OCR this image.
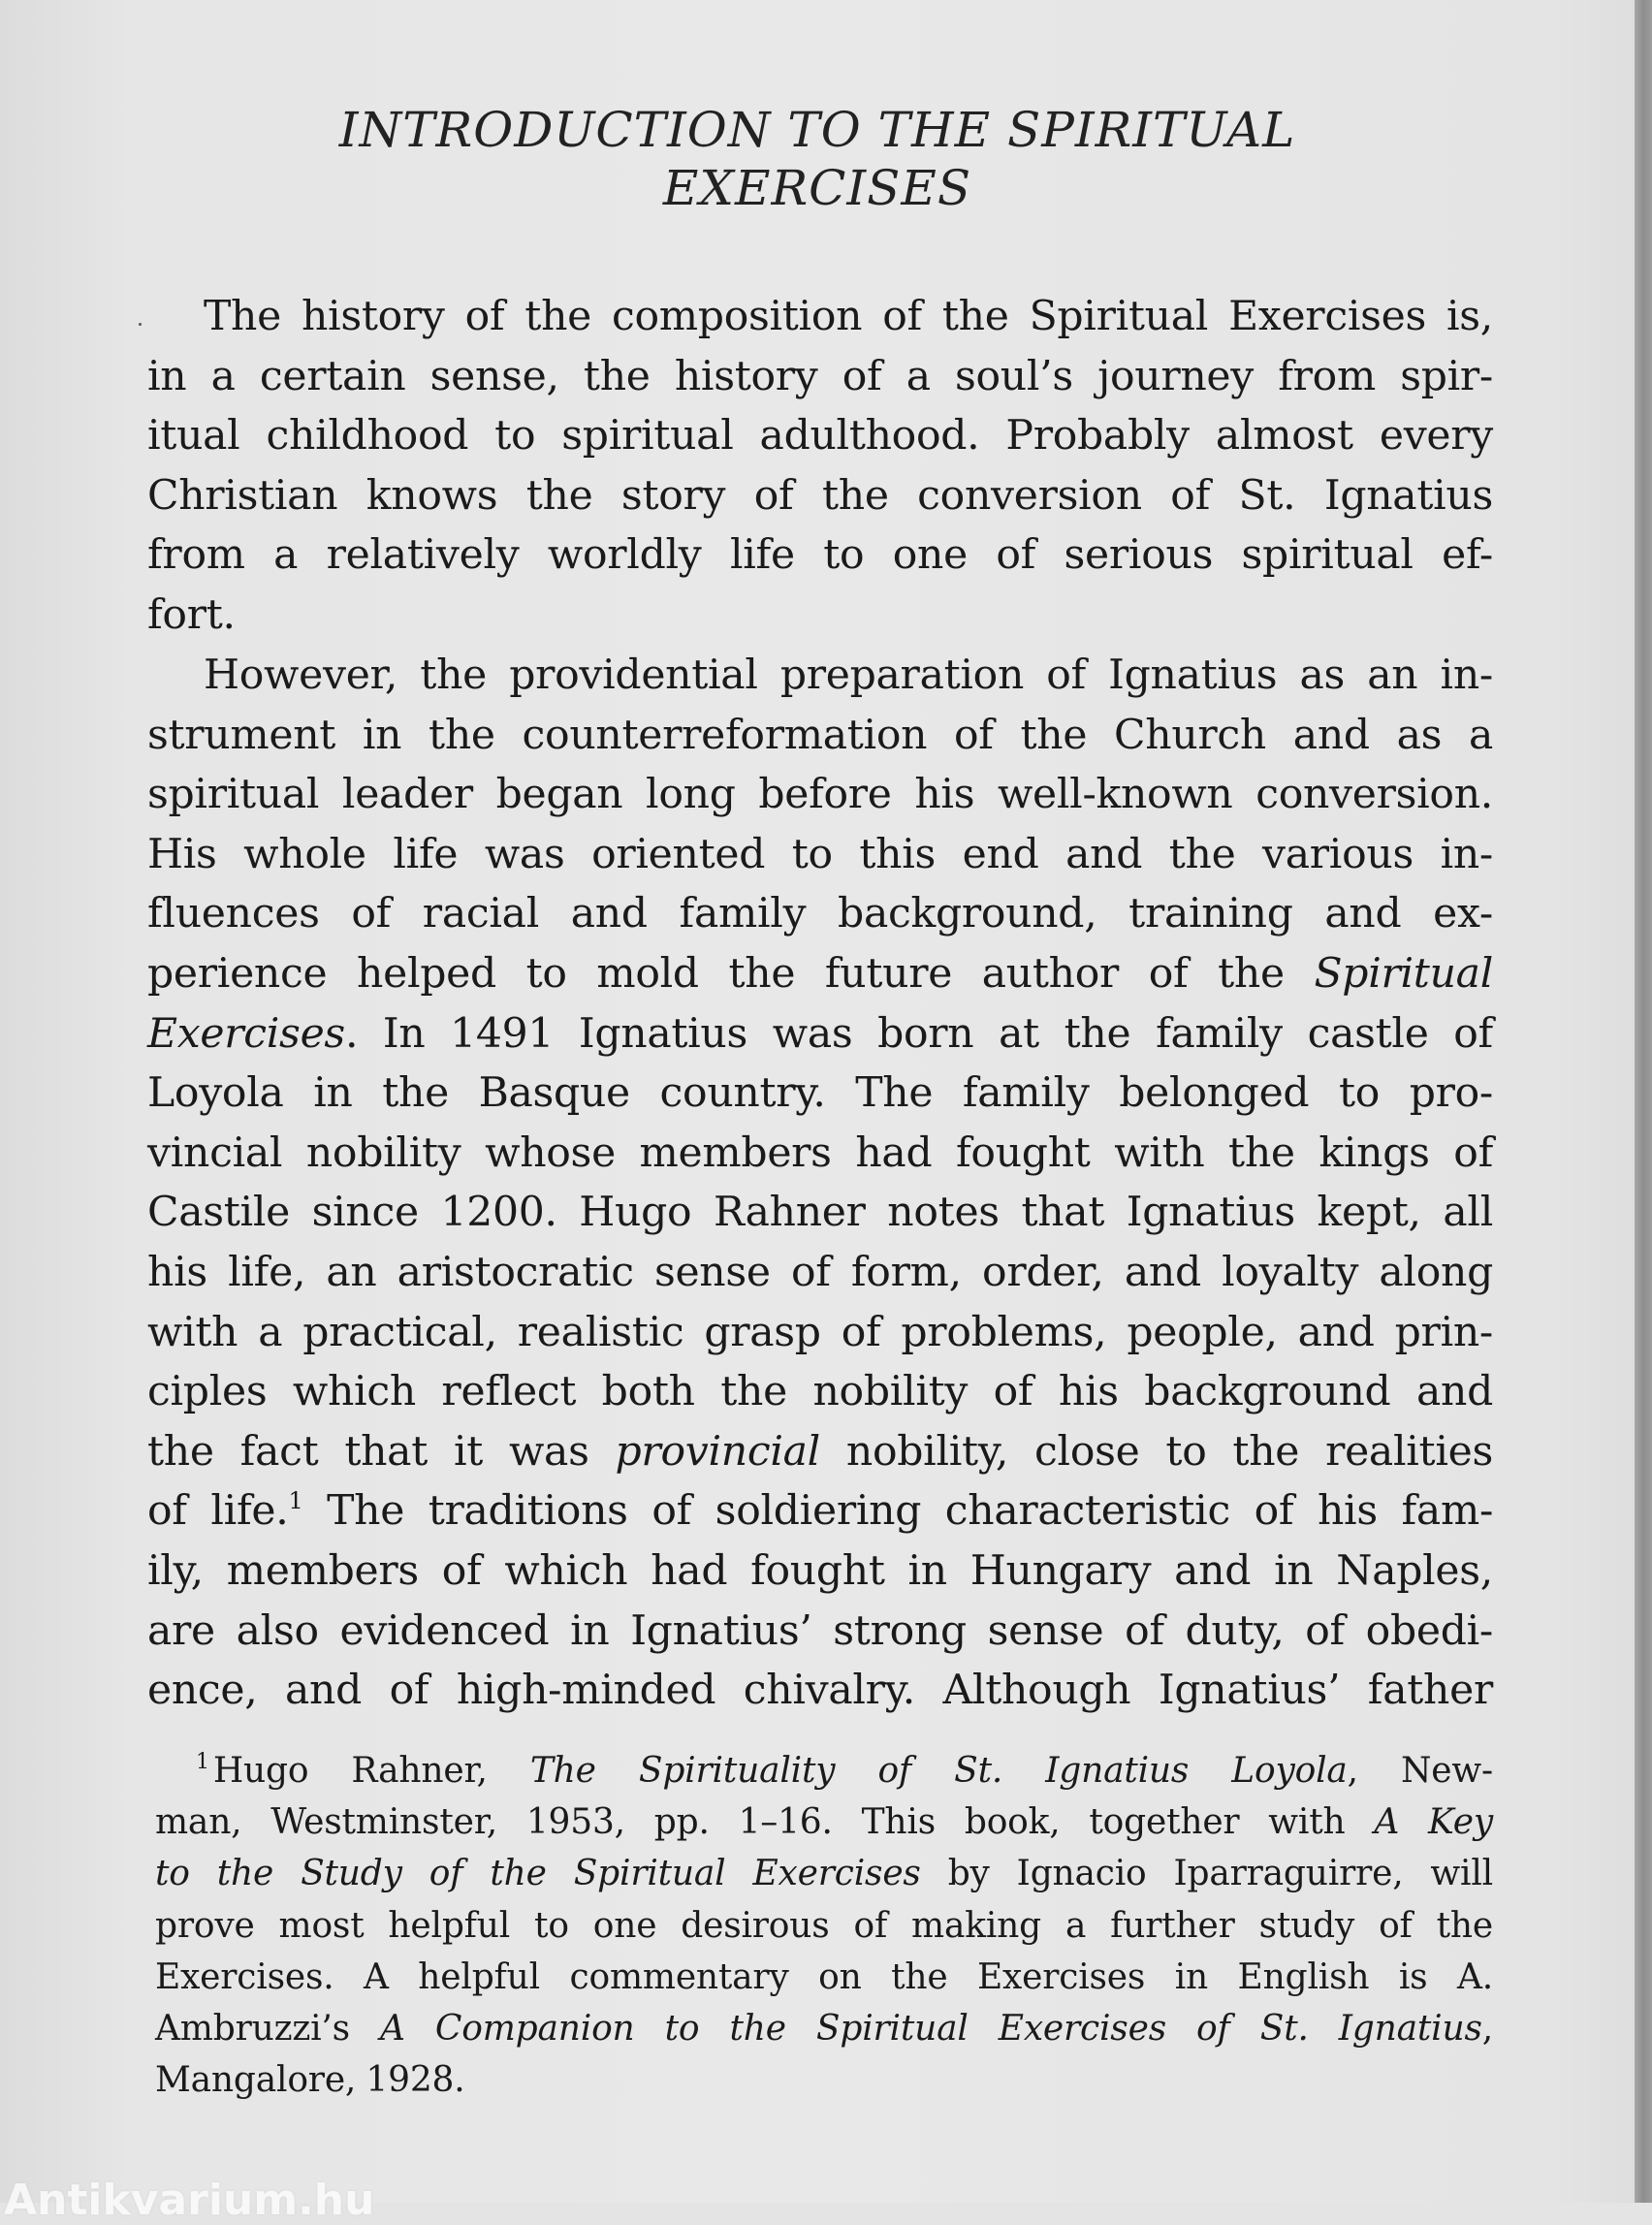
INTRODUCTION TO THE SPIRITUAL
EXERCISES
The history of the composition of the Spiritual Exercises is,
in a certain sense, the history of a soul’s journey from spir-
itual childhood to spiritual adulthood. Probably almost every
Christian knows the story of the conversion of St. Ignatius
from a relatively worldly life to one of serious spiritual ef-
fort.
However, the providential preparation of Ignatius as an in-
strument in the counterreformation of the Church and as a
spiritual leader began long before his well-known conversion.
His whole life was oriented to this end and the various in-
fluences of racial and family background, training and ex-
perience helped to mold the future author of the Spiritual
Exercises. In 1491 Ignatius was born at the family castle of
Loyola in the Basque country. The family belonged to pro-
vincial nobility whose members had fought with the kings of
Castile since 1200. Hugo Rahner notes that Ignatius kept, all
his life, an aristocratic sense of form, order, and loyalty along
with a practical, realistic grasp of problems, people, and prin-
ciples which reflect both the nobility of his background and
the fact that it was provincial nobility, close to the realities
of life.$^1$ The traditions of soldiering characteristic of his fam-
ily, members of which had fought in Hungary and in Naples,
are also evidenced in Ignatius’ strong sense of duty, of obedi-
ence, and of high-minded chivalry. Although Ignatius’ father
$^1$ Hugo Rahner, The Spirituality of St. Ignatius Loyola, New-
man, Westminster, 1953, pp. 1–16. This book, together with A Key
to the Study of the Spiritual Exercises by Ignacio Iparraguirre, will
prove most helpful to one desirous of making a further study of the
Exercises. A helpful commentary on the Exercises in English is A.
Ambruzzi’s A Companion to the Spiritual Exercises of St. Ignatius,
Mangalore, 1928.
Antikvarium.hu
